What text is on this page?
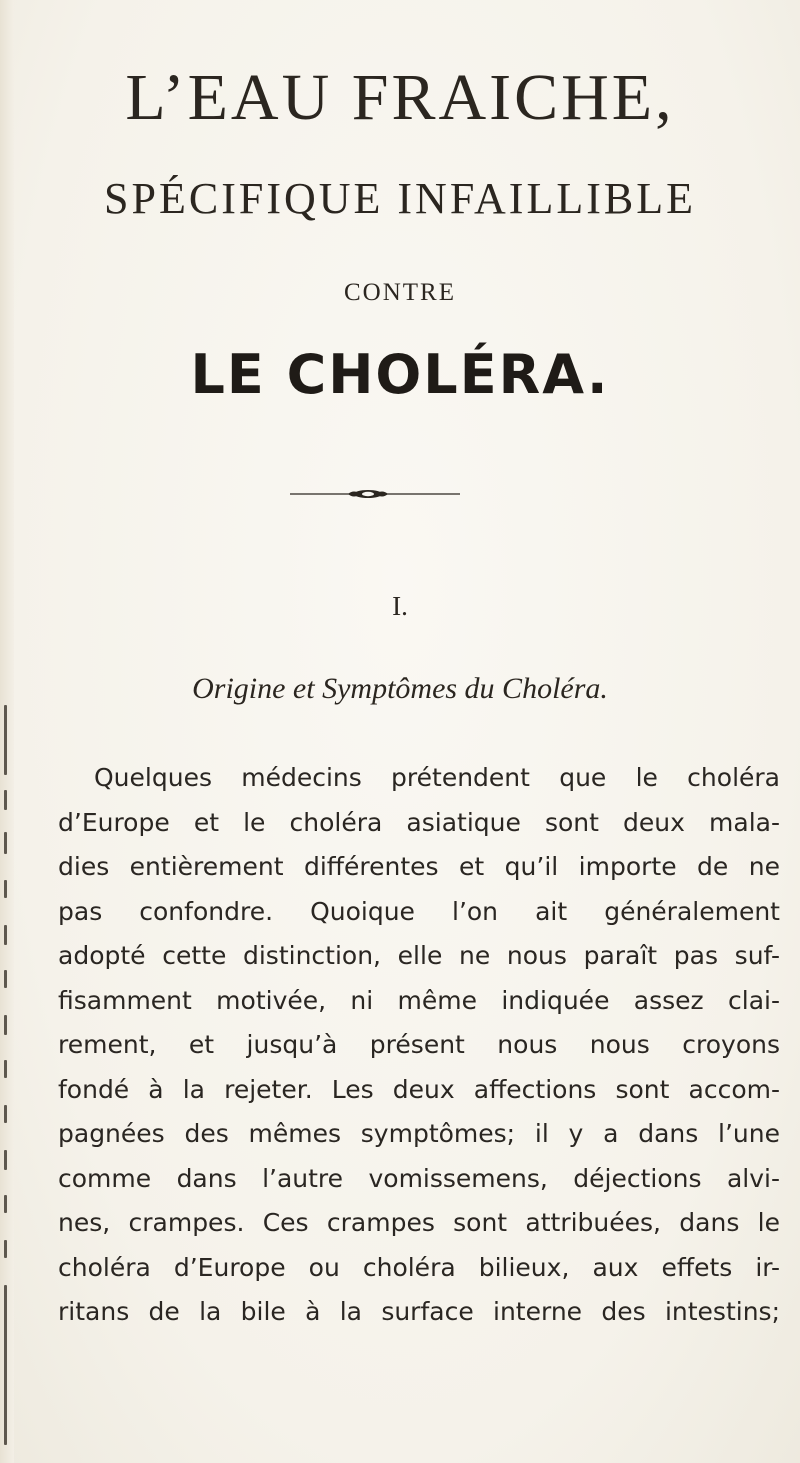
L’EAU FRAICHE,
SPÉCIFIQUE INFAILLIBLE
CONTRE
LE CHOLÉRA.
I.
Origine et Symptômes du Choléra.
Quelques médecins prétendent que le choléra
d’Europe et le choléra asiatique sont deux mala-
dies entièrement différentes et qu’il importe de ne
pas confondre. Quoique l’on ait généralement
adopté cette distinction, elle ne nous paraît pas suf-
fisamment motivée, ni même indiquée assez clai-
rement, et jusqu’à présent nous nous croyons
fondé à la rejeter. Les deux affections sont accom-
pagnées des mêmes symptômes; il y a dans l’une
comme dans l’autre vomissemens, déjections alvi-
nes, crampes. Ces crampes sont attribuées, dans le
choléra d’Europe ou choléra bilieux, aux effets ir-
ritans de la bile à la surface interne des intestins;
